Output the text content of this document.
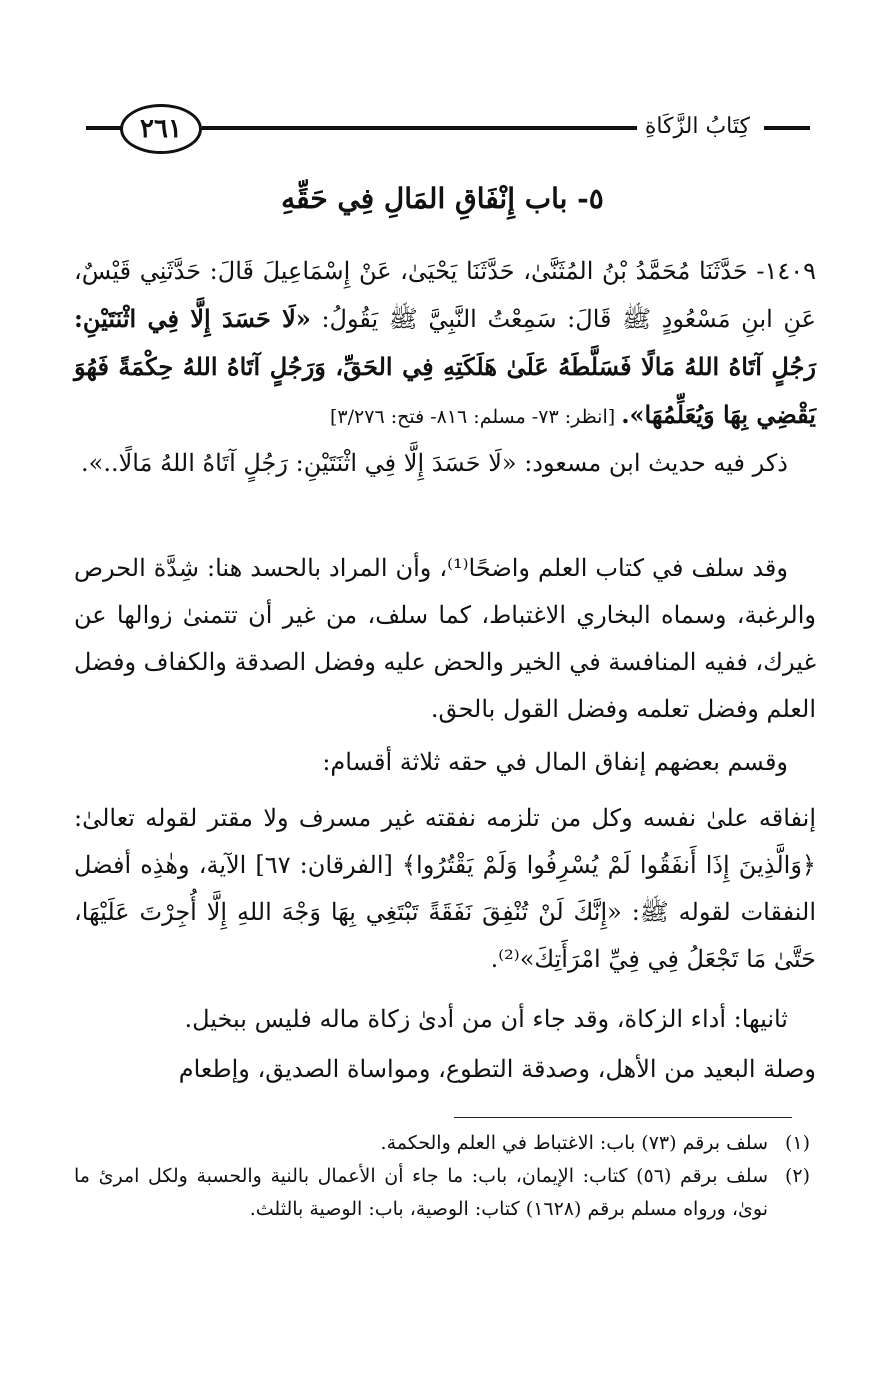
٢٦١	كِتَابُ الزَّكَاةِ
٥- باب إِنْفَاقِ المَالِ فِي حَقِّهِ

١٤٠٩- حَدَّثَنَا مُحَمَّدُ بْنُ المُثَنَّىٰ، حَدَّثَنَا يَحْيَىٰ، عَنْ إِسْمَاعِيلَ قَالَ: حَدَّثَنِي قَيْسٌ، عَنِ ابنِ مَسْعُودٍ ﷺ قَالَ: سَمِعْتُ النَّبِيَّ ﷺ يَقُولُ: «لَا حَسَدَ إِلَّا فِي اثْنَتَيْنِ: رَجُلٍ آتَاهُ اللهُ مَالًا فَسَلَّطَهُ عَلَىٰ هَلَكَتِهِ فِي الحَقِّ، وَرَجُلٍ آتَاهُ اللهُ حِكْمَةً فَهُوَ يَقْضِي بِهَا وَيُعَلِّمُهَا». [انظر: ٧٣- مسلم: ٨١٦- فتح: ٣/٢٧٦]

ذكر فيه حديث ابن مسعود: «لَا حَسَدَ إِلَّا فِي اثْنَتَيْنِ: رَجُلٍ آتَاهُ اللهُ مَالًا..».

وقد سلف في كتاب العلم واضحًا⁽¹⁾، وأن المراد بالحسد هنا: شِدَّة الحرص والرغبة، وسماه البخاري الاغتباط، كما سلف، من غير أن تتمنىٰ زوالها عن غيرك، ففيه المنافسة في الخير والحض عليه وفضل الصدقة والكفاف وفضل العلم وفضل تعلمه وفضل القول بالحق.

وقسم بعضهم إنفاق المال في حقه ثلاثة أقسام:

إنفاقه علىٰ نفسه وكل من تلزمه نفقته غير مسرف ولا مقتر لقوله تعالىٰ: ﴿وَالَّذِينَ إِذَا أَنفَقُوا لَمْ يُسْرِفُوا وَلَمْ يَقْتُرُوا﴾ [الفرقان: ٦٧] الآية، وهٰذِه أفضل النفقات لقوله ﷺ: «إِنَّكَ لَنْ تُنْفِقَ نَفَقَةً تَبْتَغِي بِهَا وَجْهَ اللهِ إِلَّا أُجِرْتَ عَلَيْهَا، حَتَّىٰ مَا تَجْعَلُ فِي فِيِّ امْرَأَتِكَ»⁽²⁾.

ثانيها: أداء الزكاة، وقد جاء أن من أدىٰ زكاة ماله فليس ببخيل.

وصلة البعيد من الأهل، وصدقة التطوع، ومواساة الصديق، وإطعام

(١)
سلف برقم (٧٣) باب: الاغتباط في العلم والحكمة.
(٢)
سلف برقم (٥٦) كتاب: الإيمان، باب: ما جاء أن الأعمال بالنية والحسبة ولكل امرئ ما نوىٰ، ورواه مسلم برقم (١٦٢٨) كتاب: الوصية، باب: الوصية بالثلث.
